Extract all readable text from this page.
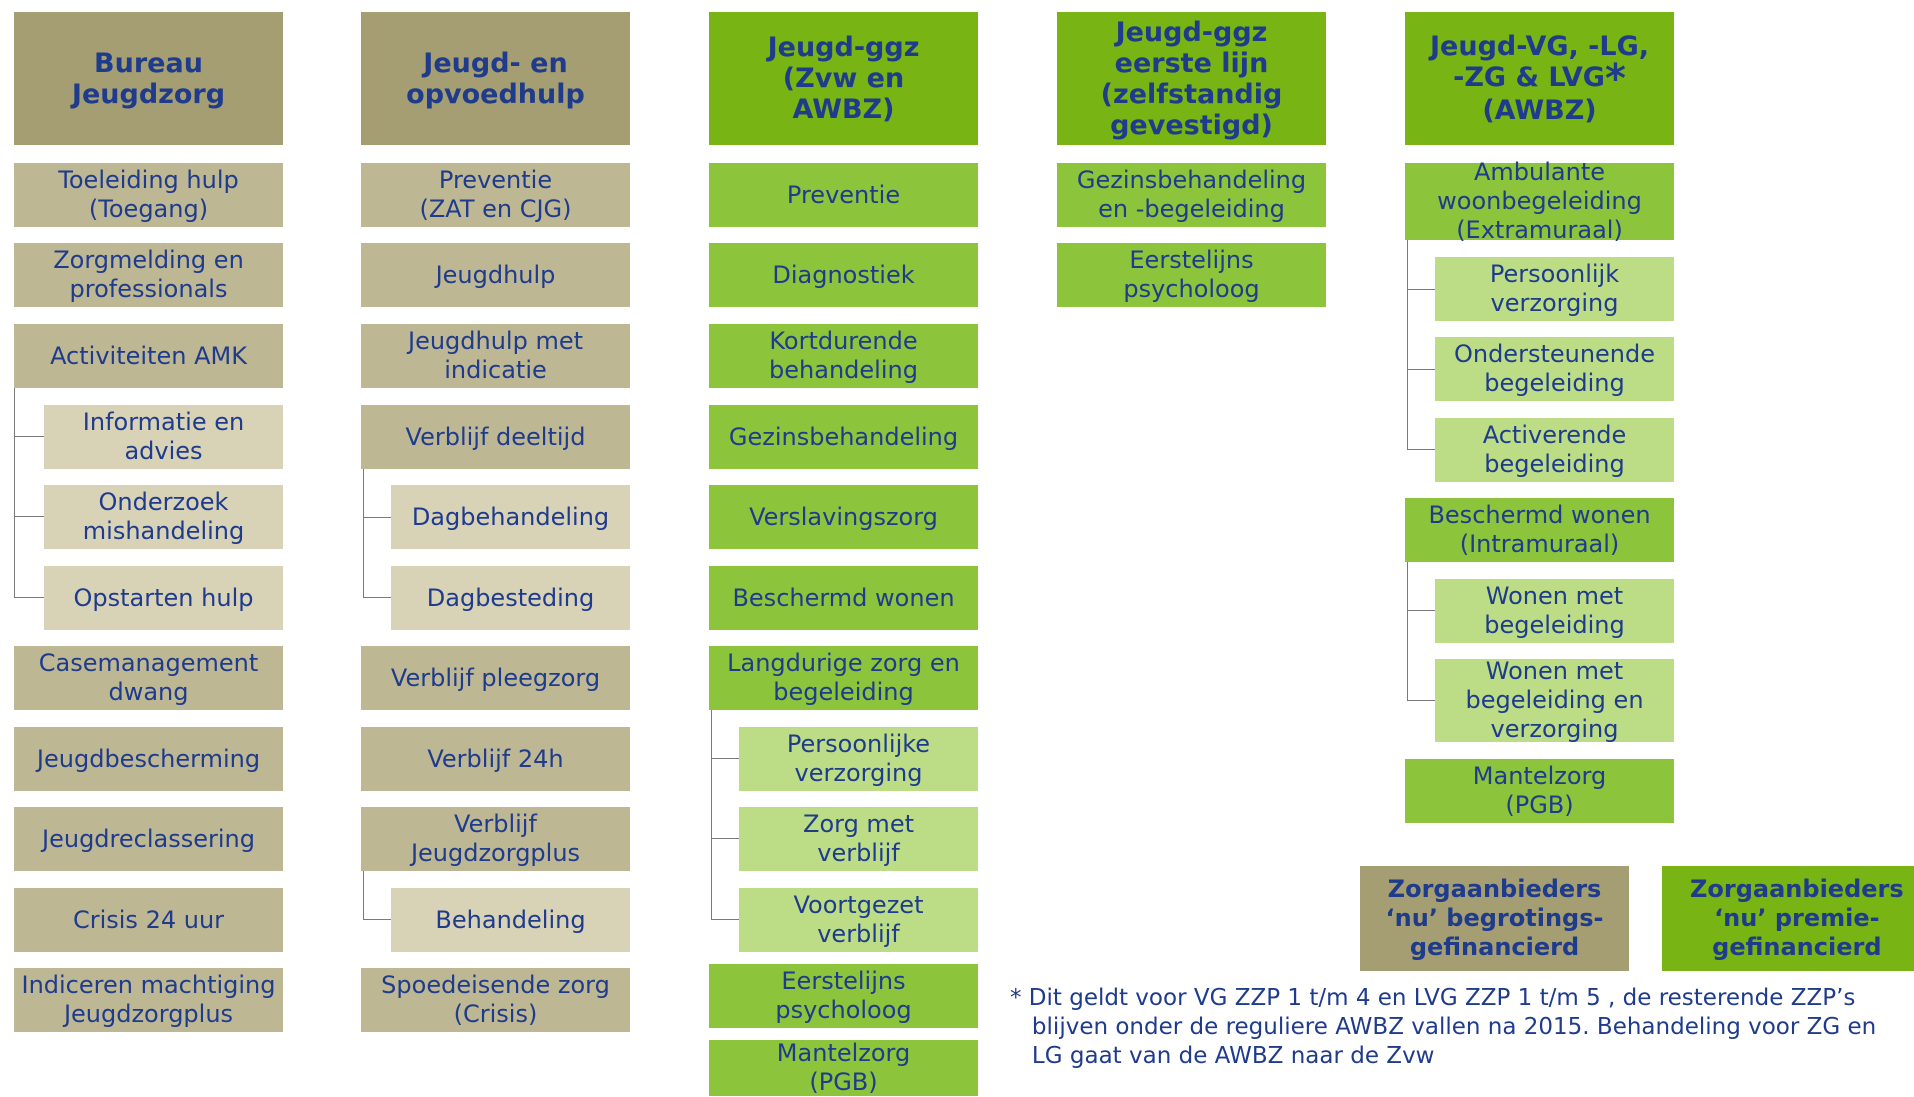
Bureau
Jeugdzorg
Toeleiding hulp
(Toegang)
Zorgmelding en
professionals
Activiteiten AMK
Informatie en
advies
Onderzoek
mishandeling
Opstarten hulp
Casemanagement
dwang
Jeugdbescherming
Jeugdreclassering
Crisis 24 uur
Indiceren machtiging
Jeugdzorgplus
Jeugd- en
opvoedhulp
Preventie
(ZAT en CJG)
Jeugdhulp
Jeugdhulp met
indicatie
Verblijf deeltijd
Dagbehandeling
Dagbesteding
Verblijf pleegzorg
Verblijf 24h
Verblijf
Jeugdzorgplus
Behandeling
Spoedeisende zorg
(Crisis)
Jeugd-ggz
(Zvw en
AWBZ)
Preventie
Diagnostiek
Kortdurende
behandeling
Gezinsbehandeling
Verslavingszorg
Beschermd wonen
Langdurige zorg en
begeleiding
Persoonlijke
verzorging
Zorg met
verblijf
Voortgezet
verblijf
Eerstelijns
psycholoog
Mantelzorg
(PGB)
Jeugd-ggz
eerste lijn
(zelfstandig
gevestigd)
Gezinsbehandeling
en -begeleiding
Eerstelijns
psycholoog
Jeugd-VG, -LG,
-ZG & LVG*
(AWBZ)
Ambulante
woonbegeleiding
(Extramuraal)
Persoonlijk
verzorging
Ondersteunende
begeleiding
Activerende
begeleiding
Beschermd wonen
(Intramuraal)
Wonen met
begeleiding
Wonen met
begeleiding en
verzorging
Mantelzorg
(PGB)
Zorgaanbieders
‘nu’ begrotings-
gefinancierd
Zorgaanbieders
‘nu’ premie-
gefinancierd
* Dit geldt voor VG ZZP 1 t/m 4 en LVG ZZP 1 t/m 5 , de resterende ZZP’s
blijven onder de reguliere AWBZ vallen na 2015. Behandeling voor ZG en
LG gaat van de AWBZ naar de Zvw
